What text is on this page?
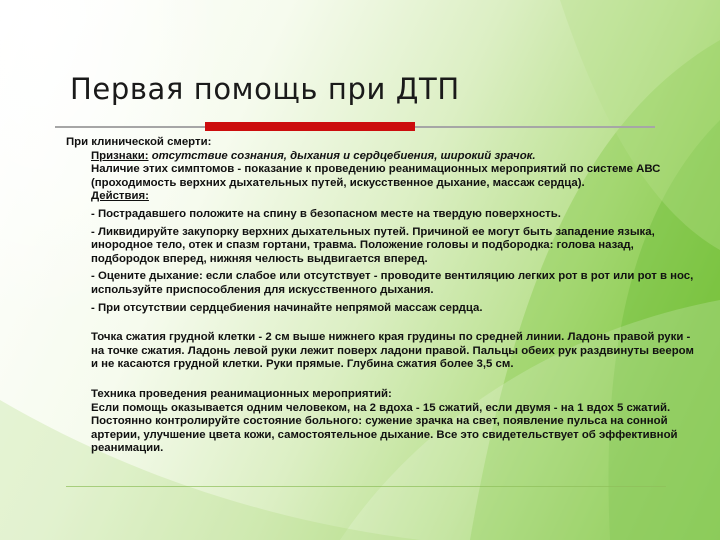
Первая помощь при ДТП

При клинической смерти:

Признаки: отсутствие сознания, дыхания и сердцебиения, широкий зрачок.

Наличие этих симптомов - показание к проведению реанимационных мероприятий по системе АВС (проходимость верхних дыхательных путей, искусственное дыхание, массаж сердца).

Действия:

- Пострадавшего положите на спину в безопасном месте на твердую поверхность.

- Ликвидируйте закупорку верхних дыхательных путей. Причиной ее могут быть западение языка, инородное тело, отек и спазм гортани, травма. Положение головы и подбородка: голова назад, подбородок вперед, нижняя челюсть выдвигается вперед.

- Оцените дыхание: если слабое или отсутствует - проводите вентиляцию легких рот в рот или рот в нос, используйте приспособления для искусственного дыхания.

- При отсутствии сердцебиения начинайте непрямой массаж сердца.

Точка сжатия грудной клетки - 2 см выше нижнего края грудины по средней линии. Ладонь правой руки - на точке сжатия. Ладонь левой руки лежит поверх ладони правой. Пальцы обеих рук раздвинуты веером и не касаются грудной клетки. Руки прямые. Глубина сжатия более 3,5 см.

Техника проведения реанимационных мероприятий:

Если помощь оказывается одним человеком, на 2 вдоха - 15 сжатий, если двумя - на 1 вдох 5 сжатий. Постоянно контролируйте состояние больного: сужение зрачка на свет, появление пульса на сонной артерии, улучшение цвета кожи, самостоятельное дыхание. Все это свидетельствует об эффективной реанимации.
